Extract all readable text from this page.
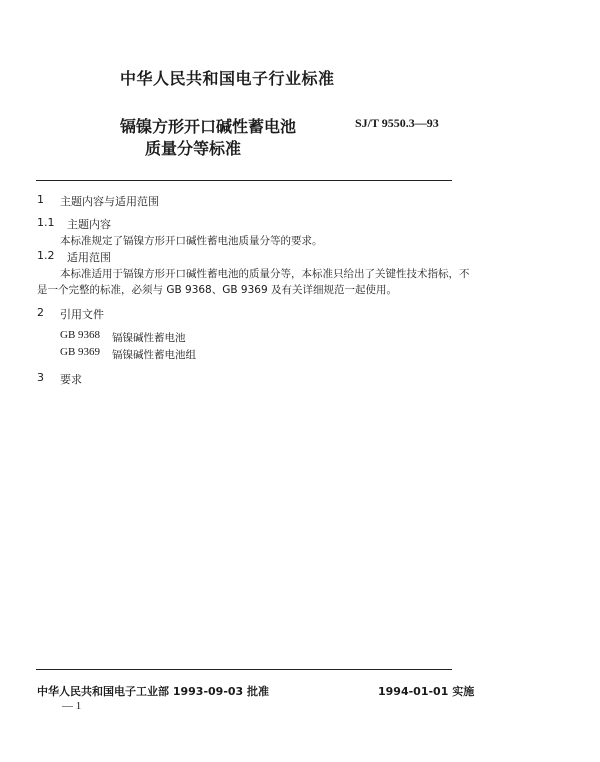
中华人民共和国电子行业标准
镉镍方形开口碱性蓄电池
质量分等标准
SJ/T 9550.3—93
1 主题内容与适用范围
1.1 主题内容
本标准规定了镉镍方形开口碱性蓄电池质量分等的要求。
1.2 适用范围
本标准适用于镉镍方形开口碱性蓄电池的质量分等，本标准只给出了关键性技术指标，不
是一个完整的标准，必须与 GB 9368、GB 9369 及有关详细规范一起使用。
2 引用文件
GB 9368 镉镍碱性蓄电池
GB 9369 镉镍碱性蓄电池组
3 要求
中华人民共和国电子工业部 1993-09-03 批准	1994-01-01 实施
— 1
